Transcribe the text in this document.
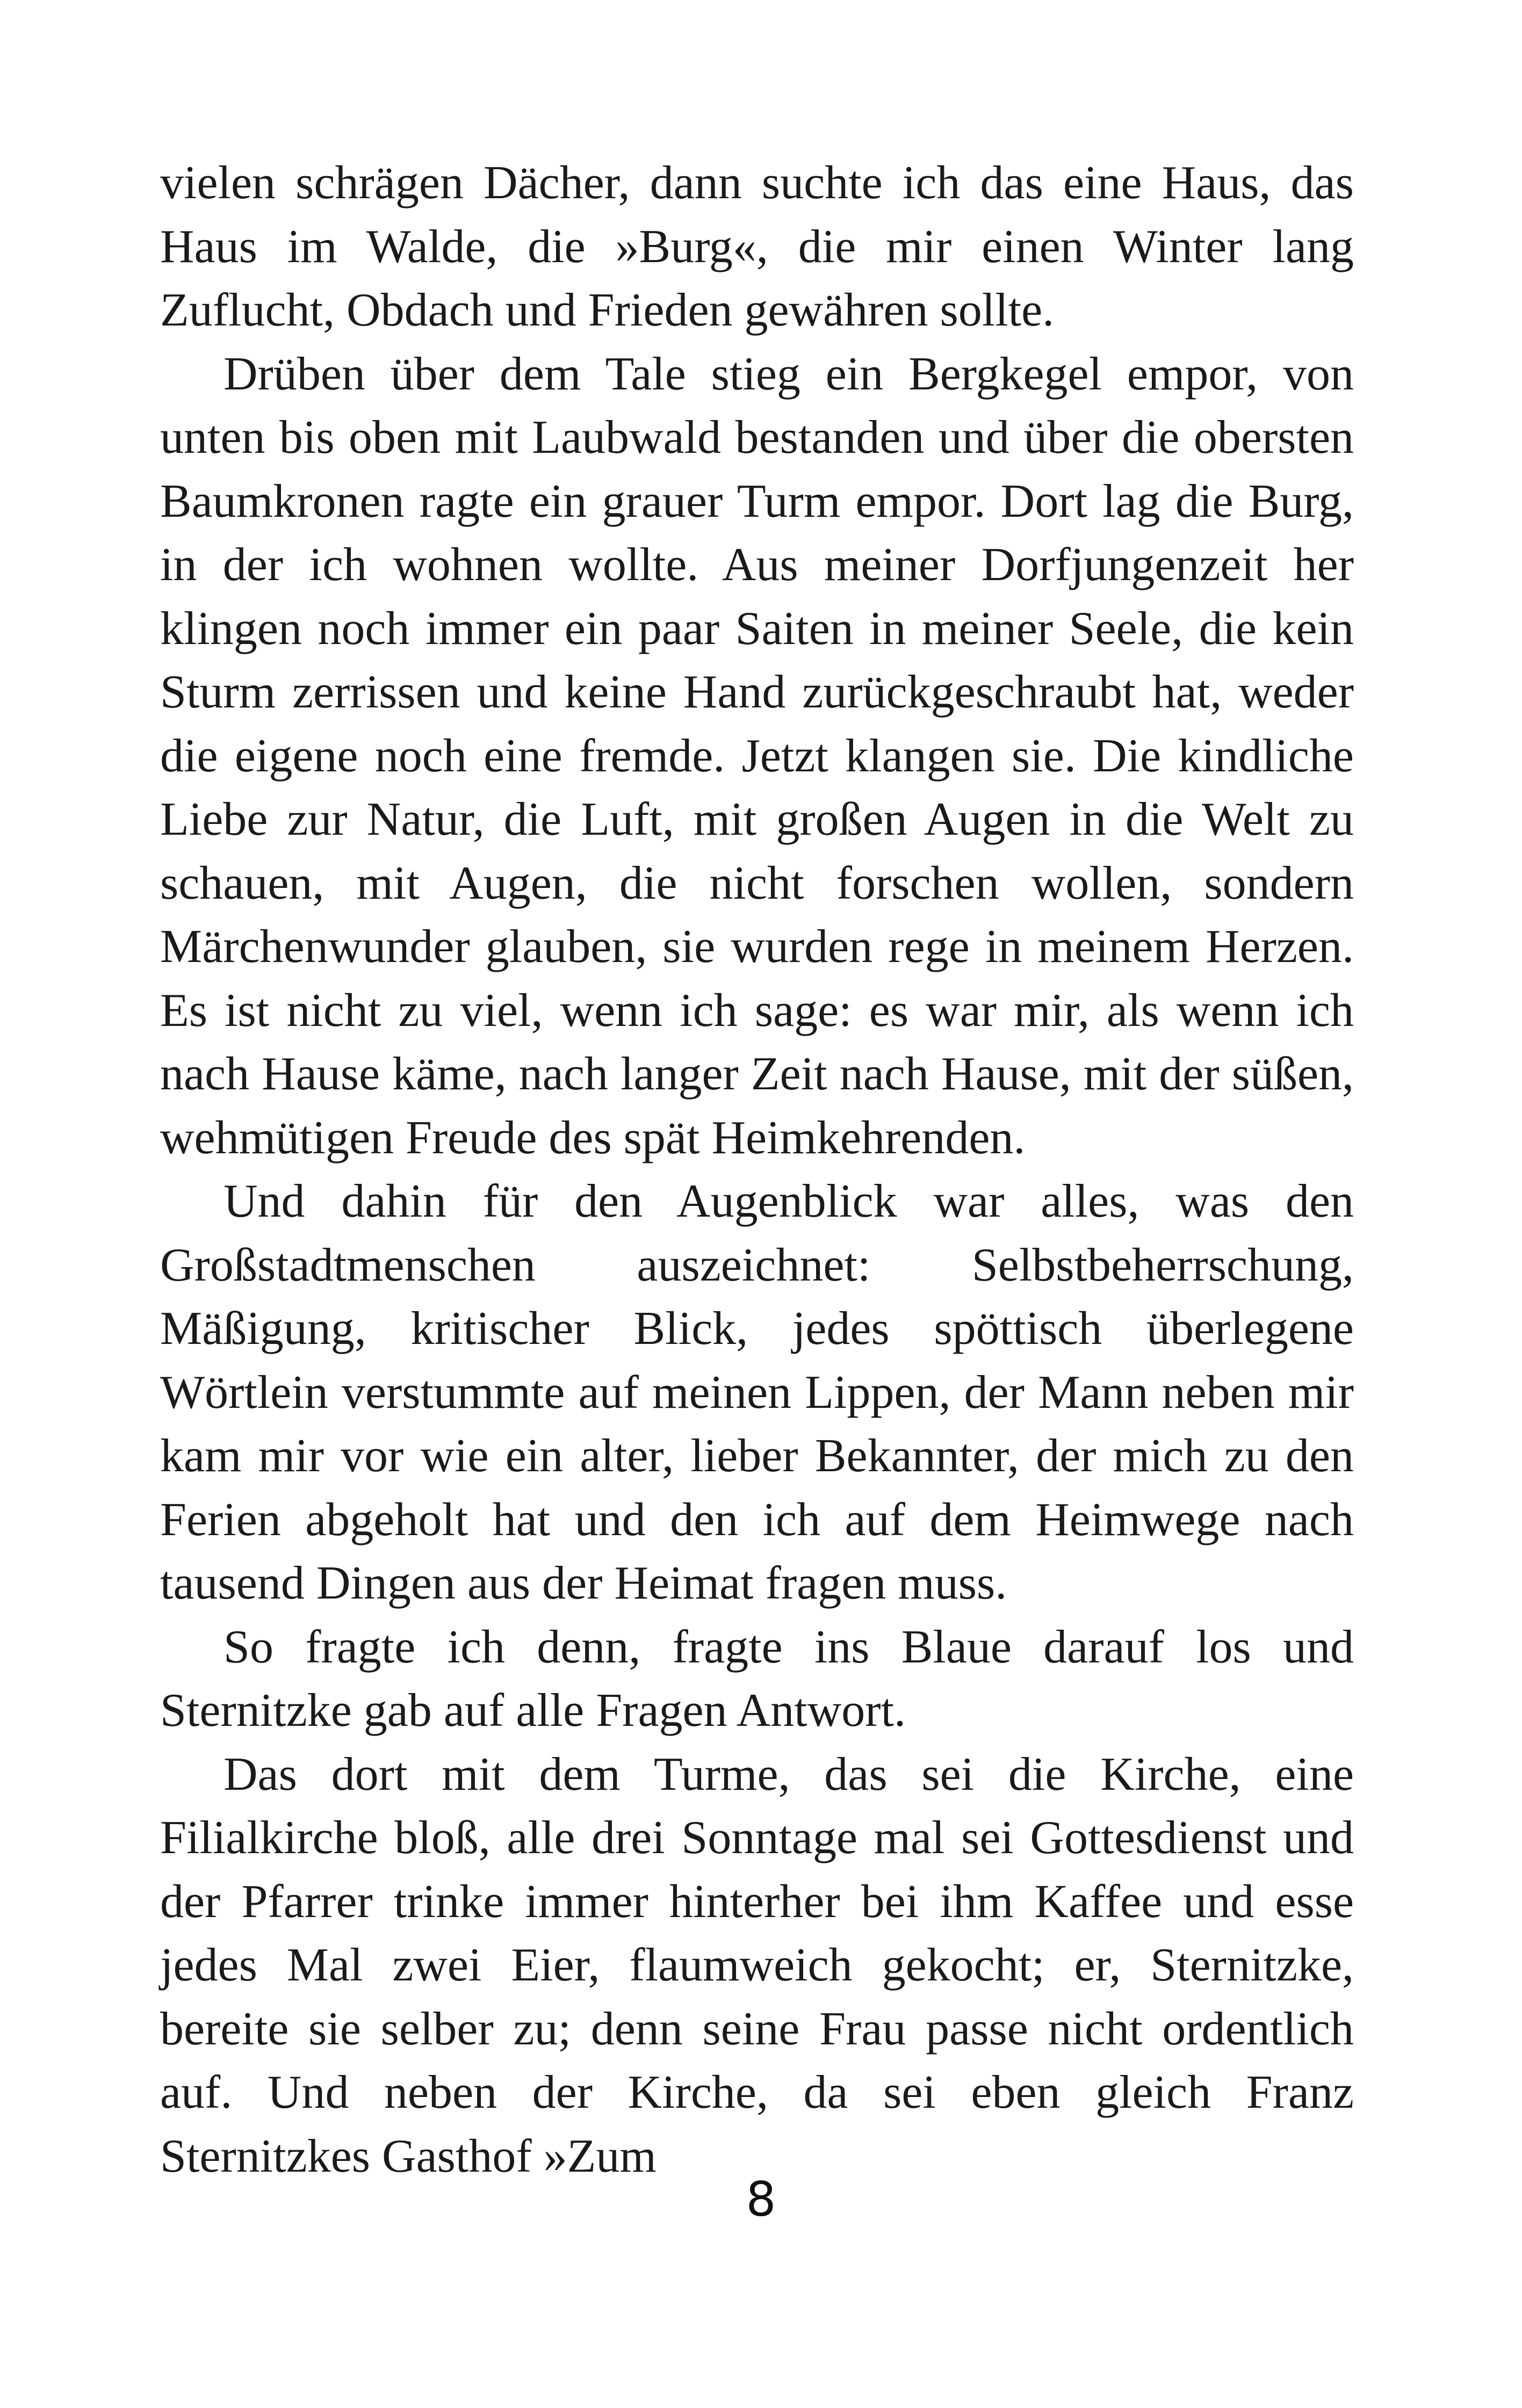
vielen schrägen Dächer, dann suchte ich das eine Haus, das Haus im Walde, die »Burg«, die mir einen Winter lang Zuflucht, Obdach und Frieden gewähren sollte.

Drüben über dem Tale stieg ein Bergkegel empor, von unten bis oben mit Laubwald bestanden und über die obersten Baumkronen ragte ein grauer Turm empor. Dort lag die Burg, in der ich wohnen wollte. Aus meiner Dorfjungenzeit her klingen noch immer ein paar Saiten in meiner Seele, die kein Sturm zerrissen und keine Hand zurückgeschraubt hat, weder die eigene noch eine fremde. Jetzt klangen sie. Die kindliche Liebe zur Natur, die Luft, mit großen Augen in die Welt zu schauen, mit Augen, die nicht forschen wollen, sondern Märchenwunder glauben, sie wurden rege in meinem Herzen. Es ist nicht zu viel, wenn ich sage: es war mir, als wenn ich nach Hause käme, nach langer Zeit nach Hause, mit der süßen, wehmütigen Freude des spät Heimkehrenden.

Und dahin für den Augenblick war alles, was den Großstadtmenschen auszeichnet: Selbstbeherrschung, Mäßigung, kritischer Blick, jedes spöttisch überlegene Wörtlein verstummte auf meinen Lippen, der Mann neben mir kam mir vor wie ein alter, lieber Bekannter, der mich zu den Ferien abgeholt hat und den ich auf dem Heimwege nach tausend Dingen aus der Heimat fragen muss.

So fragte ich denn, fragte ins Blaue darauf los und Sternitzke gab auf alle Fragen Antwort.

Das dort mit dem Turme, das sei die Kirche, eine Filialkirche bloß, alle drei Sonntage mal sei Gottesdienst und der Pfarrer trinke immer hinterher bei ihm Kaffee und esse jedes Mal zwei Eier, flaumweich gekocht; er, Sternitzke, bereite sie selber zu; denn seine Frau passe nicht ordentlich auf. Und neben der Kirche, da sei eben gleich Franz Sternitzkes Gasthof »Zum

8
